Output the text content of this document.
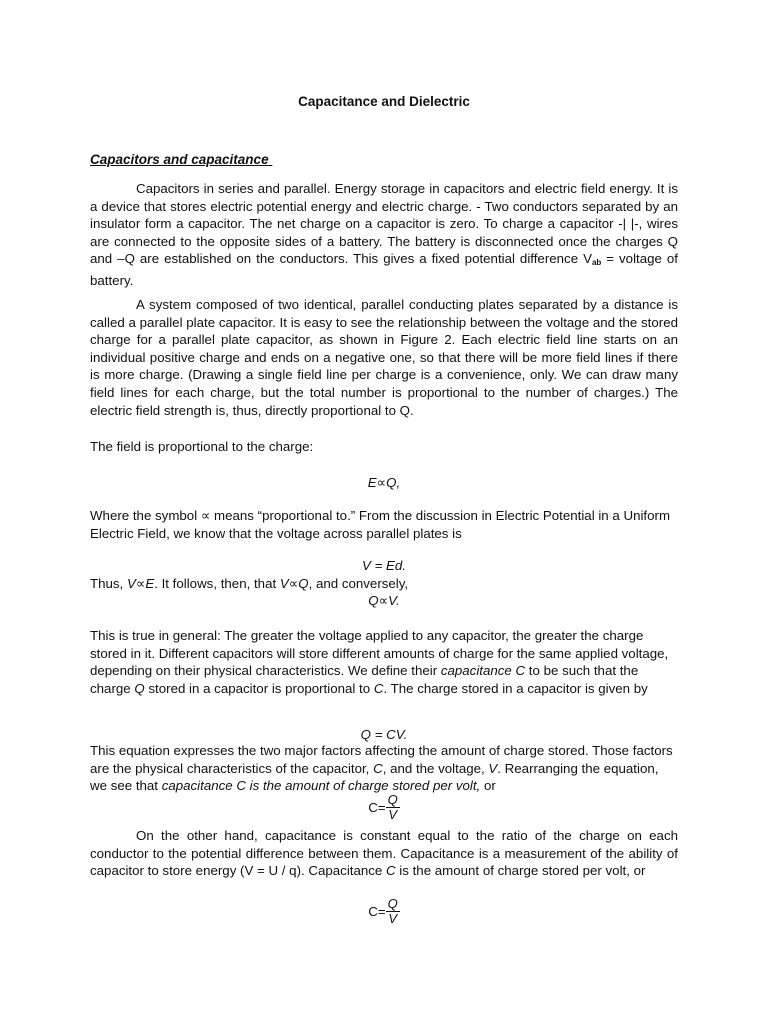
Capacitance and Dielectric
Capacitors and capacitance
Capacitors in series and parallel. Energy storage in capacitors and electric field energy. It is a device that stores electric potential energy and electric charge. - Two conductors separated by an insulator form a capacitor. The net charge on a capacitor is zero. To charge a capacitor -| |-, wires are connected to the opposite sides of a battery. The battery is disconnected once the charges Q and –Q are established on the conductors. This gives a fixed potential difference $V_{ab}$ = voltage of battery.
A system composed of two identical, parallel conducting plates separated by a distance is called a parallel plate capacitor. It is easy to see the relationship between the voltage and the stored charge for a parallel plate capacitor, as shown in Figure 2. Each electric field line starts on an individual positive charge and ends on a negative one, so that there will be more field lines if there is more charge. (Drawing a single field line per charge is a convenience, only. We can draw many field lines for each charge, but the total number is proportional to the number of charges.) The electric field strength is, thus, directly proportional to Q.
The field is proportional to the charge:
E∝Q,
Where the symbol ∝ means “proportional to.” From the discussion in Electric Potential in a Uniform Electric Field, we know that the voltage across parallel plates is
V = Ed.
Thus, V∝E. It follows, then, that V∝Q, and conversely,
Q∝V.
This is true in general: The greater the voltage applied to any capacitor, the greater the charge stored in it. Different capacitors will store different amounts of charge for the same applied voltage, depending on their physical characteristics. We define their capacitance C to be such that the charge Q stored in a capacitor is proportional to C. The charge stored in a capacitor is given by
Q = CV.
This equation expresses the two major factors affecting the amount of charge stored. Those factors are the physical characteristics of the capacitor, C, and the voltage, V. Rearranging the equation, we see that capacitance C is the amount of charge stored per volt, or
$C= \frac{Q}{V}$
On the other hand, capacitance is constant equal to the ratio of the charge on each conductor to the potential difference between them. Capacitance is a measurement of the ability of capacitor to store energy (V = U / q). Capacitance C is the amount of charge stored per volt, or
$C= \frac{Q}{V}$
